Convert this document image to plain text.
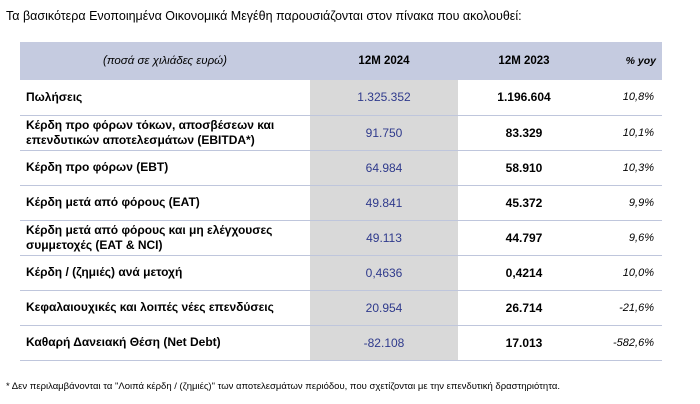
Τα βασικότερα Ενοποιημένα Οικονομικά Μεγέθη παρουσιάζονται στον πίνακα που ακολουθεί:
(ποσά σε χιλιάδες ευρώ)	12M 2024	12M 2023	% yoy
Πωλήσεις	1.325.352	1.196.604	10,8%
Κέρδη προ φόρων τόκων, αποσβέσεων και επενδυτικών αποτελεσμάτων (EBITDA*)	91.750	83.329	10,1%
Κέρδη προ φόρων (EBT)	64.984	58.910	10,3%
Κέρδη μετά από φόρους (EAT)	49.841	45.372	9,9%
Κέρδη μετά από φόρους και μη ελέγχουσες συμμετοχές (EAT & NCI)	49.113	44.797	9,6%
Κέρδη / (ζημιές) ανά μετοχή	0,4636	0,4214	10,0%
Κεφαλαιουχικές και λοιπές νέες επενδύσεις	20.954	26.714	-21,6%
Καθαρή Δανειακή Θέση (Net Debt)	-82.108	17.013	-582,6%
* Δεν περιλαμβάνονται τα "Λοιπά κέρδη / (ζημιές)" των αποτελεσμάτων περιόδου, που σχετίζονται με την επενδυτική δραστηριότητα.
